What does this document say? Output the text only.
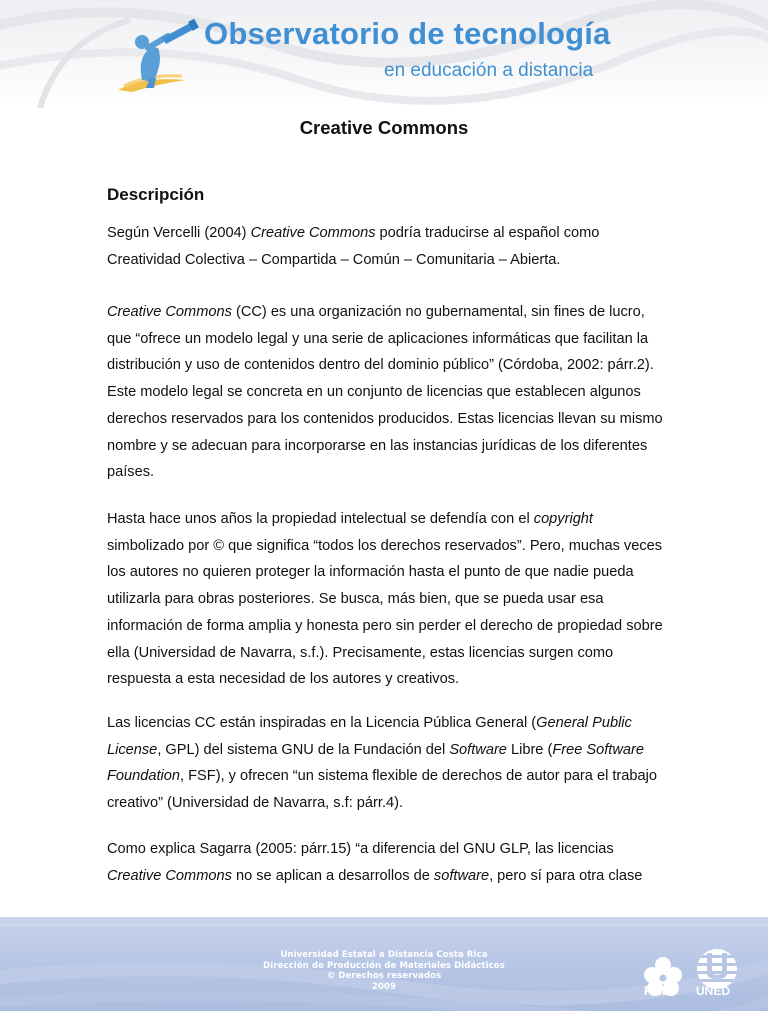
Observatorio de tecnología
en educación a distancia
Creative Commons
Descripción

Según Vercelli (2004) Creative Commons podría traducirse al español como Creatividad Colectiva – Compartida – Común – Comunitaria – Abierta.

Creative Commons (CC) es una organización no gubernamental, sin fines de lucro, que “ofrece un modelo legal y una serie de aplicaciones informáticas que facilitan la distribución y uso de contenidos dentro del dominio público” (Córdoba, 2002: párr.2). Este modelo legal se concreta en un conjunto de licencias que establecen algunos derechos reservados para los contenidos producidos. Estas licencias llevan su mismo nombre y se adecuan para incorporarse en las instancias jurídicas de los diferentes países.

Hasta hace unos años la propiedad intelectual se defendía con el copyright simbolizado por © que significa “todos los derechos reservados”. Pero, muchas veces los autores no quieren proteger la información hasta el punto de que nadie pueda utilizarla para obras posteriores. Se busca, más bien, que se pueda usar esa información de forma amplia y honesta pero sin perder el derecho de propiedad sobre ella (Universidad de Navarra, s.f.). Precisamente, estas licencias surgen como respuesta a esta necesidad de los autores y creativos.

Las licencias CC están inspiradas en la Licencia Pública General (General Public License, GPL) del sistema GNU de la Fundación del Software Libre (Free Software Foundation, FSF), y ofrecen “un sistema flexible de derechos de autor para el trabajo creativo” (Universidad de Navarra, s.f: párr.4).

Como explica Sagarra (2005: párr.15) “a diferencia del GNU GLP, las licencias Creative Commons no se aplican a desarrollos de software, pero sí para otra clase

Universidad Estatal a Distancia Costa Rica
Dirección de Producción de Materiales Didácticos
© Derechos reservados
2009	PMD UNED
